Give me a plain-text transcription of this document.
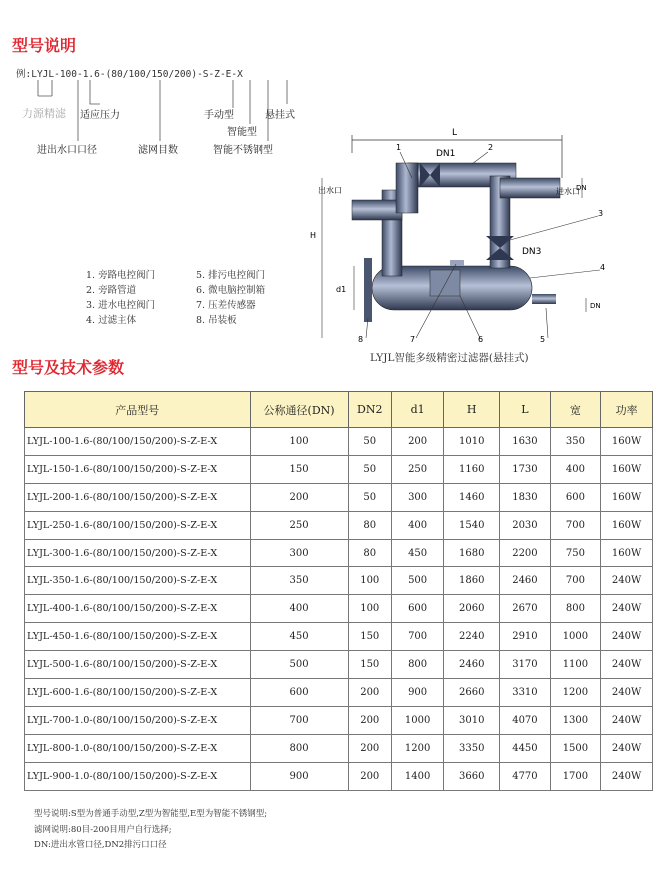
型号说明
例:LYJL-100-1.6-(80/100/150/200)-S-Z-E-X
力源精滤 适应压力	手动型	悬挂式
智能型
进出水口口径	滤网目数	智能不锈钢型
L
出水口	进水口
H
DN
DN
DN1
DN3
d1
1	2
3
4
5
6
7
8
LYJL智能多级精密过滤器(悬挂式)
1. 旁路电控阀门
2. 旁路管道
3. 进水电控阀门
4. 过滤主体
5. 排污电控阀门
6. 微电脑控制箱
7. 压差传感器
8. 吊装板
型号及技术参数
产品型号	公称通径(DN)	DN2	d1	H	L	宽	功率
LYJL-100-1.6-(80/100/150/200)-S-Z-E-X	100	50	200	1010	1630	350	160W
LYJL-150-1.6-(80/100/150/200)-S-Z-E-X	150	50	250	1160	1730	400	160W
LYJL-200-1.6-(80/100/150/200)-S-Z-E-X	200	50	300	1460	1830	600	160W
LYJL-250-1.6-(80/100/150/200)-S-Z-E-X	250	80	400	1540	2030	700	160W
LYJL-300-1.6-(80/100/150/200)-S-Z-E-X	300	80	450	1680	2200	750	160W
LYJL-350-1.6-(80/100/150/200)-S-Z-E-X	350	100	500	1860	2460	700	240W
LYJL-400-1.6-(80/100/150/200)-S-Z-E-X	400	100	600	2060	2670	800	240W
LYJL-450-1.6-(80/100/150/200)-S-Z-E-X	450	150	700	2240	2910	1000	240W
LYJL-500-1.6-(80/100/150/200)-S-Z-E-X	500	150	800	2460	3170	1100	240W
LYJL-600-1.6-(80/100/150/200)-S-Z-E-X	600	200	900	2660	3310	1200	240W
LYJL-700-1.0-(80/100/150/200)-S-Z-E-X	700	200	1000	3010	4070	1300	240W
LYJL-800-1.0-(80/100/150/200)-S-Z-E-X	800	200	1200	3350	4450	1500	240W
LYJL-900-1.0-(80/100/150/200)-S-Z-E-X	900	200	1400	3660	4770	1700	240W
型号说明:S型为普通手动型,Z型为智能型,E型为智能不锈钢型;
滤网说明:80目-200目用户自行选择;
DN:进出水管口径,DN2排污口口径
